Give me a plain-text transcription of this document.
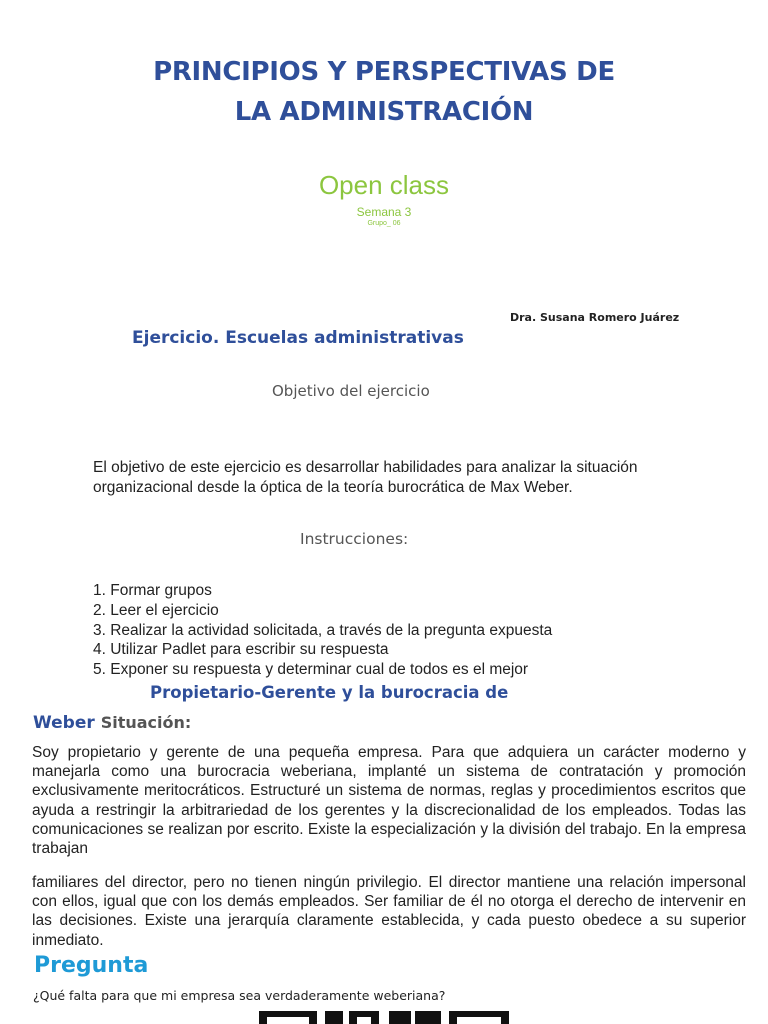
PRINCIPIOS Y PERSPECTIVAS DE
LA ADMINISTRACIÓN
Open class
Semana 3
Grupo_ 06
Dra. Susana Romero Juárez
Ejercicio. Escuelas administrativas
Objetivo del ejercicio

El objetivo de este ejercicio es desarrollar habilidades para analizar la situación organizacional desde la óptica de la teoría burocrática de Max Weber.

Instrucciones:
1. Formar grupos
2. Leer el ejercicio
3. Realizar la actividad solicitada, a través de la pregunta expuesta
4. Utilizar Padlet para escribir su respuesta
5. Exponer su respuesta y determinar cual de todos es el mejor
Propietario-Gerente y la burocracia de
Weber Situación:

Soy propietario y gerente de una pequeña empresa. Para que adquiera un carácter moderno y manejarla como una burocracia weberiana, implanté un sistema de contratación y promoción exclusivamente meritocráticos. Estructuré un sistema de normas, reglas y procedimientos escritos que ayuda a restringir la arbitrariedad de los gerentes y la discrecionalidad de los empleados. Todas las comunicaciones se realizan por escrito. Existe la especialización y la división del trabajo. En la empresa trabajan

familiares del director, pero no tienen ningún privilegio. El director mantiene una relación impersonal con ellos, igual que con los demás empleados. Ser familiar de él no otorga el derecho de intervenir en las decisiones. Existe una jerarquía claramente establecida, y cada puesto obedece a su superior inmediato.

Pregunta
¿Qué falta para que mi empresa sea verdaderamente weberiana?
